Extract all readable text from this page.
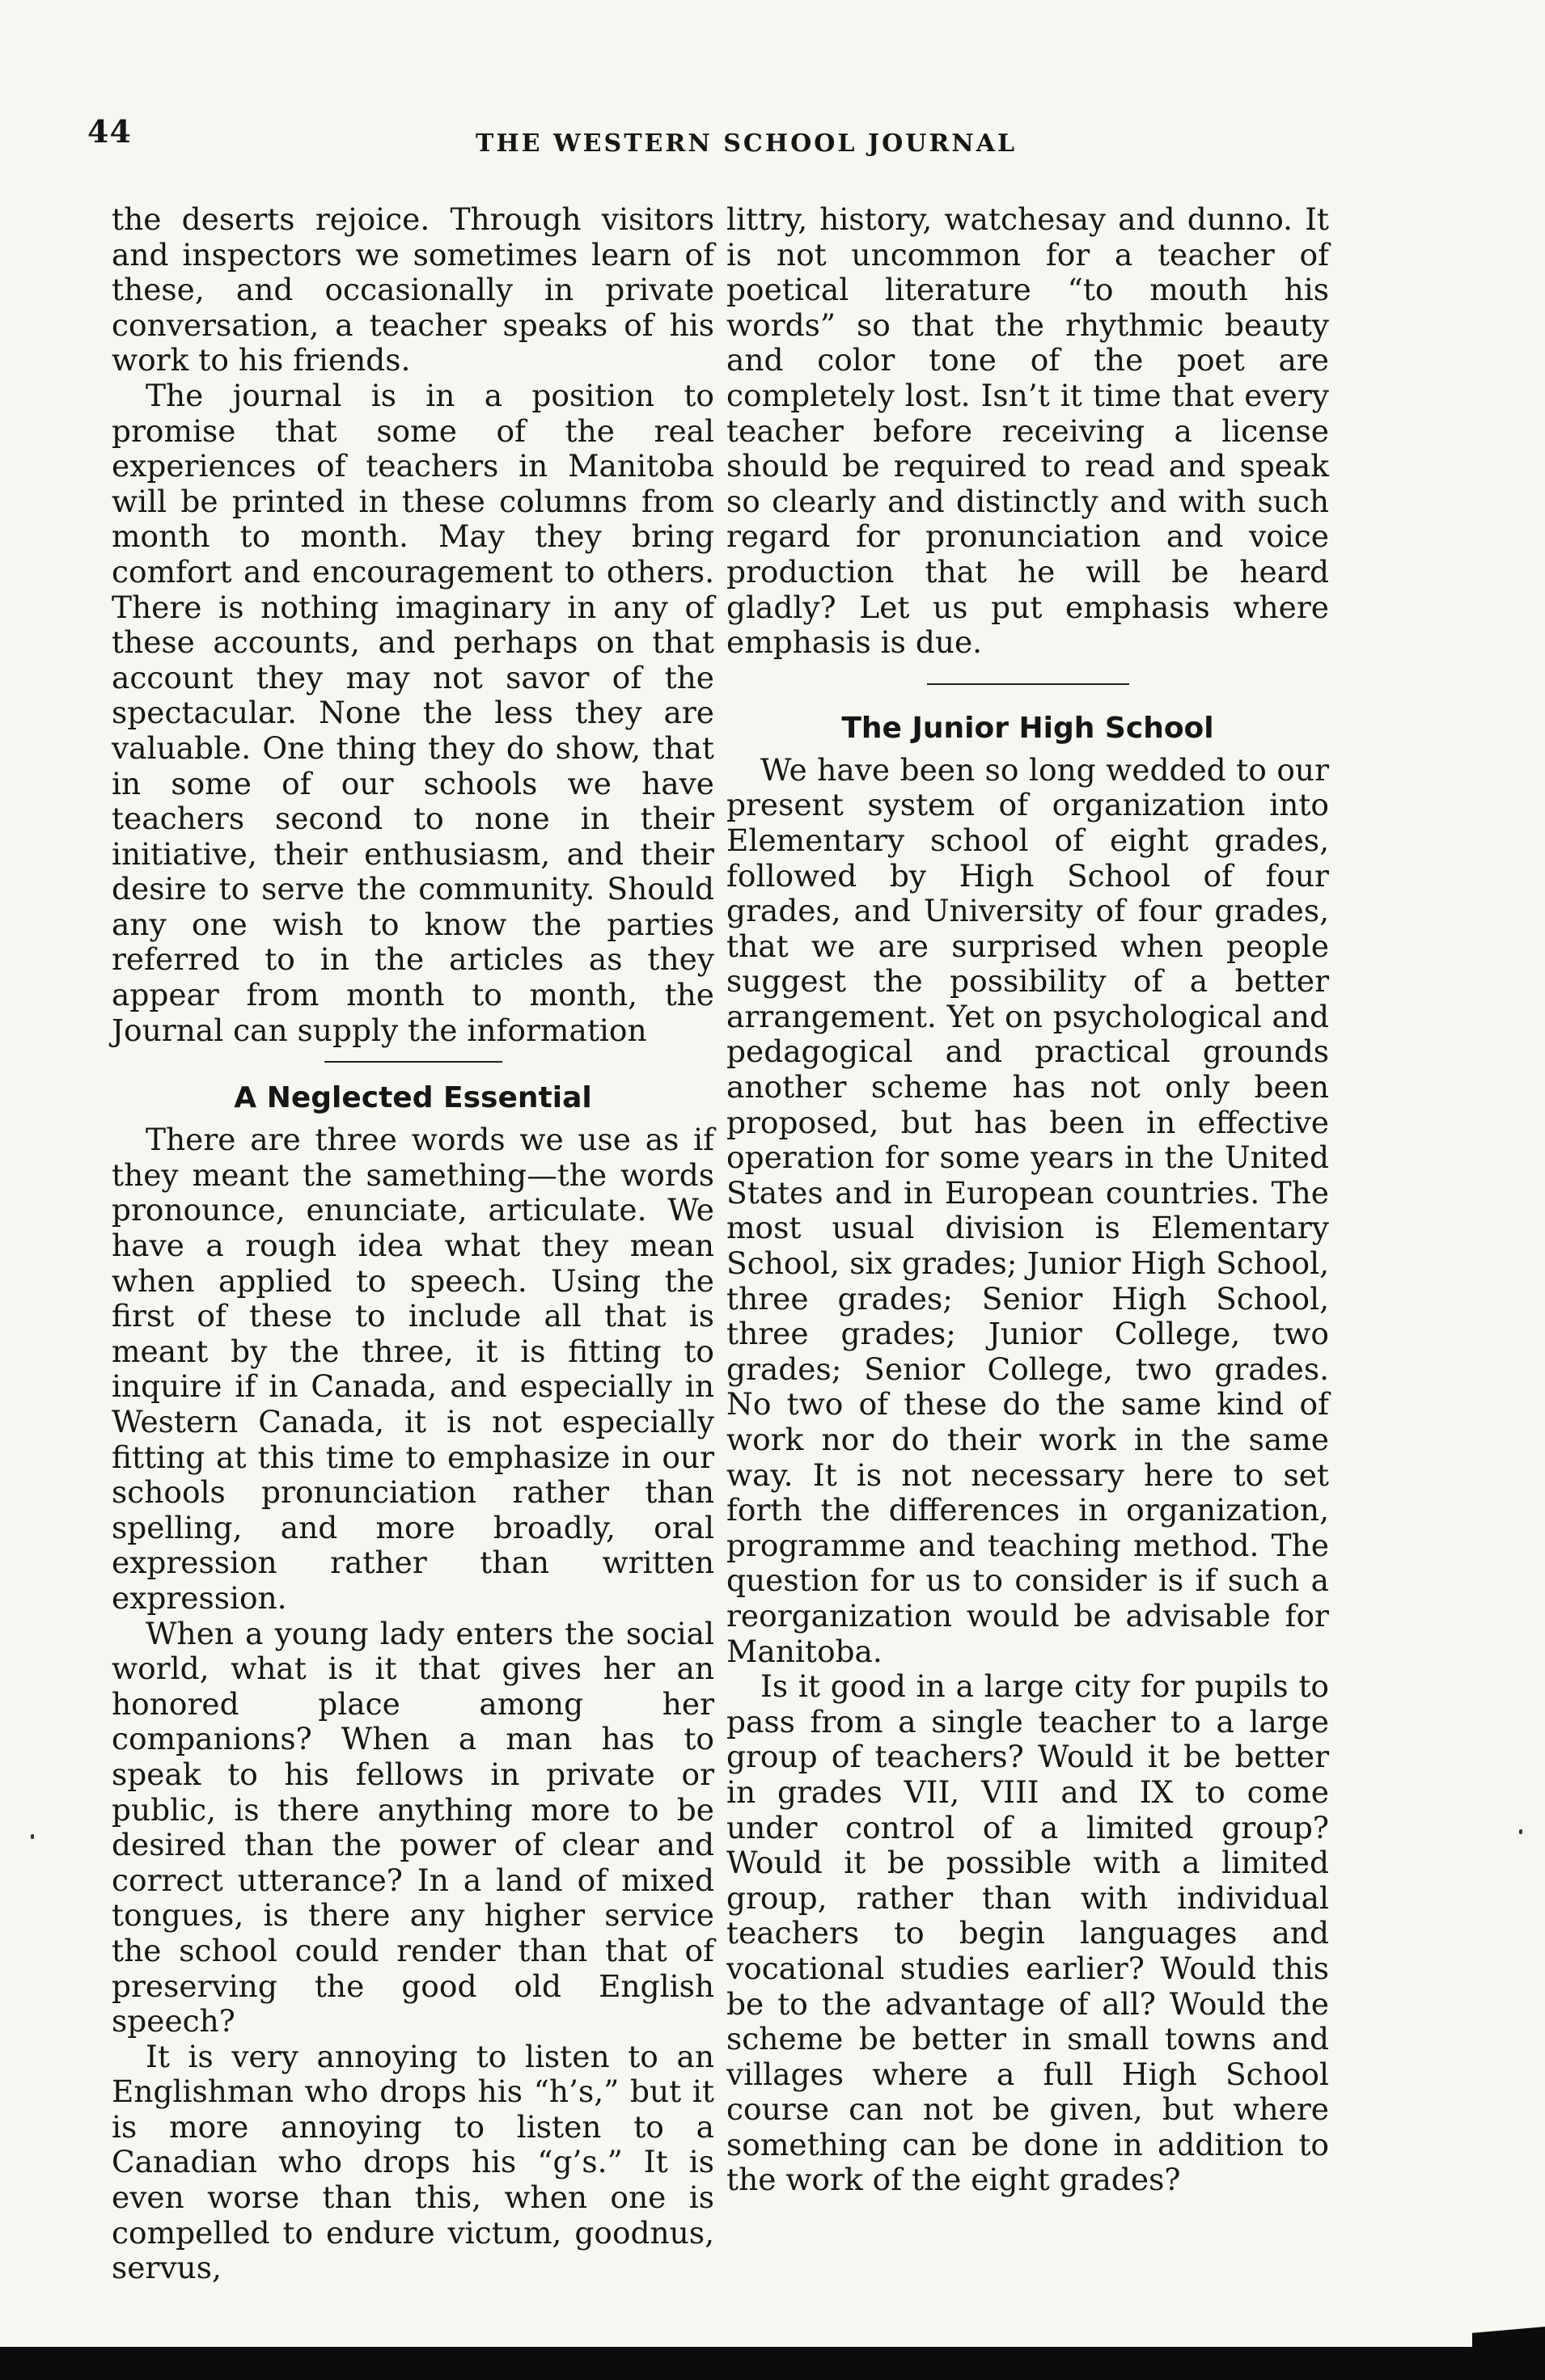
44	THE WESTERN SCHOOL JOURNAL

the deserts rejoice. Through visitors and inspectors we sometimes learn of these, and occasionally in private conversation, a teacher speaks of his work to his friends.

The journal is in a position to promise that some of the real experiences of teachers in Manitoba will be printed in these columns from month to month. May they bring comfort and encouragement to others. There is nothing imaginary in any of these accounts, and perhaps on that account they may not savor of the spectacular. None the less they are valuable. One thing they do show, that in some of our schools we have teachers second to none in their initiative, their enthusiasm, and their desire to serve the community. Should any one wish to know the parties referred to in the articles as they appear from month to month, the Journal can supply the information

A Neglected Essential

There are three words we use as if they meant the samething—the words pronounce, enunciate, articulate. We have a rough idea what they mean when applied to speech. Using the first of these to include all that is meant by the three, it is fitting to inquire if in Canada, and especially in Western Canada, it is not especially fitting at this time to emphasize in our schools pronunciation rather than spelling, and more broadly, oral expression rather than written expression.

When a young lady enters the social world, what is it that gives her an honored place among her companions? When a man has to speak to his fellows in private or public, is there anything more to be desired than the power of clear and correct utterance? In a land of mixed tongues, is there any higher service the school could render than that of preserving the good old English speech?

It is very annoying to listen to an Englishman who drops his “h’s,” but it is more annoying to listen to a Canadian who drops his “g’s.” It is even worse than this, when one is compelled to endure victum, goodnus, servus,

littry, history, watchesay and dunno. It is not uncommon for a teacher of poetical literature “to mouth his words” so that the rhythmic beauty and color tone of the poet are completely lost. Isn’t it time that every teacher before receiving a license should be required to read and speak so clearly and distinctly and with such regard for pronunciation and voice production that he will be heard gladly? Let us put emphasis where emphasis is due.

The Junior High School

We have been so long wedded to our present system of organization into Elementary school of eight grades, followed by High School of four grades, and University of four grades, that we are surprised when people suggest the possibility of a better arrangement. Yet on psychological and pedagogical and practical grounds another scheme has not only been proposed, but has been in effective operation for some years in the United States and in European countries. The most usual division is Elementary School, six grades; Junior High School, three grades; Senior High School, three grades; Junior College, two grades; Senior College, two grades. No two of these do the same kind of work nor do their work in the same way. It is not necessary here to set forth the differences in organization, programme and teaching method. The question for us to consider is if such a reorganization would be advisable for Manitoba.

Is it good in a large city for pupils to pass from a single teacher to a large group of teachers? Would it be better in grades VII, VIII and IX to come under control of a limited group? Would it be possible with a limited group, rather than with individual teachers to begin languages and vocational studies earlier? Would this be to the advantage of all? Would the scheme be better in small towns and villages where a full High School course can not be given, but where something can be done in addition to the work of the eight grades?
